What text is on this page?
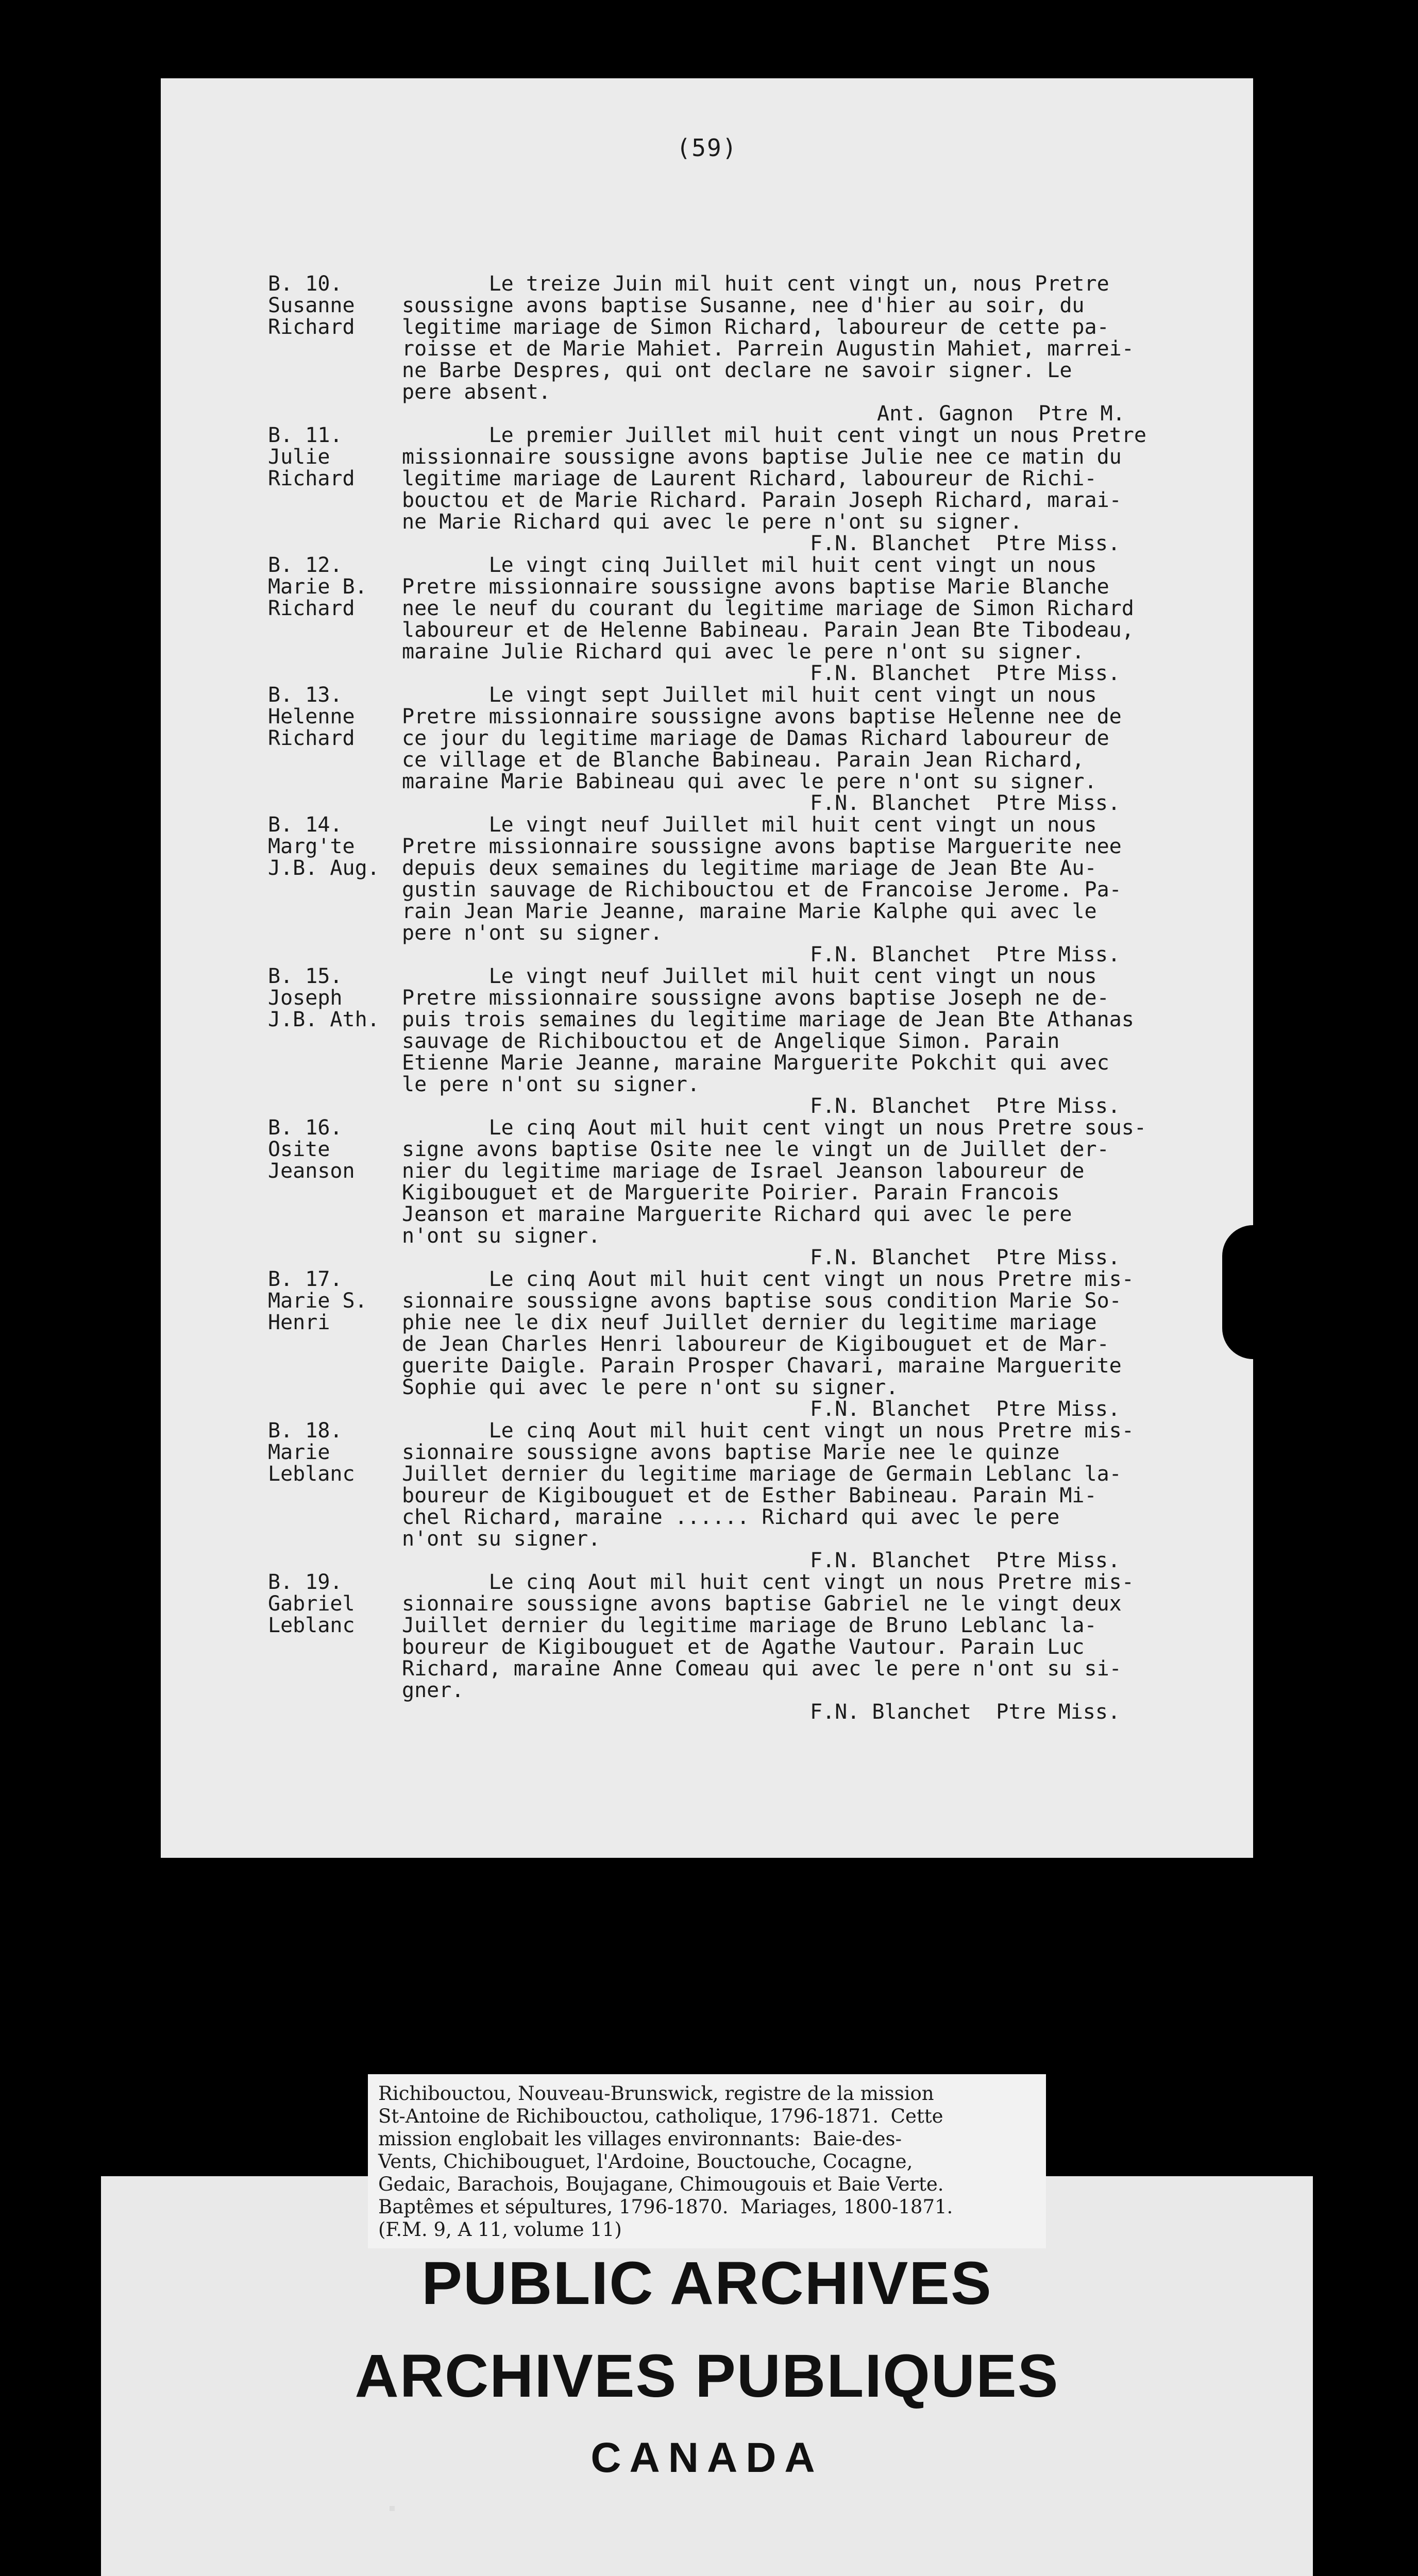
(59)
B. 10.
Susanne
Richard
Le treize Juin mil huit cent vingt un, nous Pretre
soussigne avons baptise Susanne, nee d'hier au soir, du
legitime mariage de Simon Richard, laboureur de cette pa-
roisse et de Marie Mahiet. Parrein Augustin Mahiet, marrei-
ne Barbe Despres, qui ont declare ne savoir signer. Le
pere absent.
Ant. Gagnon  Ptre M.
B. 11.
Julie
Richard
Le premier Juillet mil huit cent vingt un nous Pretre
missionnaire soussigne avons baptise Julie nee ce matin du
legitime mariage de Laurent Richard, laboureur de Richi-
bouctou et de Marie Richard. Parain Joseph Richard, marai-
ne Marie Richard qui avec le pere n'ont su signer.
F.N. Blanchet  Ptre Miss.
B. 12.
Marie B.
Richard
Le vingt cinq Juillet mil huit cent vingt un nous
Pretre missionnaire soussigne avons baptise Marie Blanche
nee le neuf du courant du legitime mariage de Simon Richard
laboureur et de Helenne Babineau. Parain Jean Bte Tibodeau,
maraine Julie Richard qui avec le pere n'ont su signer.
F.N. Blanchet  Ptre Miss.
B. 13.
Helenne
Richard
Le vingt sept Juillet mil huit cent vingt un nous
Pretre missionnaire soussigne avons baptise Helenne nee de
ce jour du legitime mariage de Damas Richard laboureur de
ce village et de Blanche Babineau. Parain Jean Richard,
maraine Marie Babineau qui avec le pere n'ont su signer.
F.N. Blanchet  Ptre Miss.
B. 14.
Marg'te
J.B. Aug.
Le vingt neuf Juillet mil huit cent vingt un nous
Pretre missionnaire soussigne avons baptise Marguerite nee
depuis deux semaines du legitime mariage de Jean Bte Au-
gustin sauvage de Richibouctou et de Francoise Jerome. Pa-
rain Jean Marie Jeanne, maraine Marie Kalphe qui avec le
pere n'ont su signer.
F.N. Blanchet  Ptre Miss.
B. 15.
Joseph
J.B. Ath.
Le vingt neuf Juillet mil huit cent vingt un nous
Pretre missionnaire soussigne avons baptise Joseph ne de-
puis trois semaines du legitime mariage de Jean Bte Athanas
sauvage de Richibouctou et de Angelique Simon. Parain
Etienne Marie Jeanne, maraine Marguerite Pokchit qui avec
le pere n'ont su signer.
F.N. Blanchet  Ptre Miss.
B. 16.
Osite
Jeanson
Le cinq Aout mil huit cent vingt un nous Pretre sous-
signe avons baptise Osite nee le vingt un de Juillet der-
nier du legitime mariage de Israel Jeanson laboureur de
Kigibouguet et de Marguerite Poirier. Parain Francois
Jeanson et maraine Marguerite Richard qui avec le pere
n'ont su signer.
F.N. Blanchet  Ptre Miss.
B. 17.
Marie S.
Henri
Le cinq Aout mil huit cent vingt un nous Pretre mis-
sionnaire soussigne avons baptise sous condition Marie So-
phie nee le dix neuf Juillet dernier du legitime mariage
de Jean Charles Henri laboureur de Kigibouguet et de Mar-
guerite Daigle. Parain Prosper Chavari, maraine Marguerite
Sophie qui avec le pere n'ont su signer.
F.N. Blanchet  Ptre Miss.
B. 18.
Marie
Leblanc
Le cinq Aout mil huit cent vingt un nous Pretre mis-
sionnaire soussigne avons baptise Marie nee le quinze
Juillet dernier du legitime mariage de Germain Leblanc la-
boureur de Kigibouguet et de Esther Babineau. Parain Mi-
chel Richard, maraine ...... Richard qui avec le pere
n'ont su signer.
F.N. Blanchet  Ptre Miss.
B. 19.
Gabriel
Leblanc
Le cinq Aout mil huit cent vingt un nous Pretre mis-
sionnaire soussigne avons baptise Gabriel ne le vingt deux
Juillet dernier du legitime mariage de Bruno Leblanc la-
boureur de Kigibouguet et de Agathe Vautour. Parain Luc
Richard, maraine Anne Comeau qui avec le pere n'ont su si-
gner.
F.N. Blanchet  Ptre Miss.
PUBLIC ARCHIVES
ARCHIVES PUBLIQUES
CANADA
Richibouctou, Nouveau-Brunswick, registre de la mission
St-Antoine de Richibouctou, catholique, 1796-1871.  Cette
mission englobait les villages environnants:  Baie-des-
Vents, Chichibouguet, l'Ardoine, Bouctouche, Cocagne,
Gedaic, Barachois, Boujagane, Chimougouis et Baie Verte.
Baptêmes et sépultures, 1796-1870.  Mariages, 1800-1871.
(F.M. 9, A 11, volume 11)
